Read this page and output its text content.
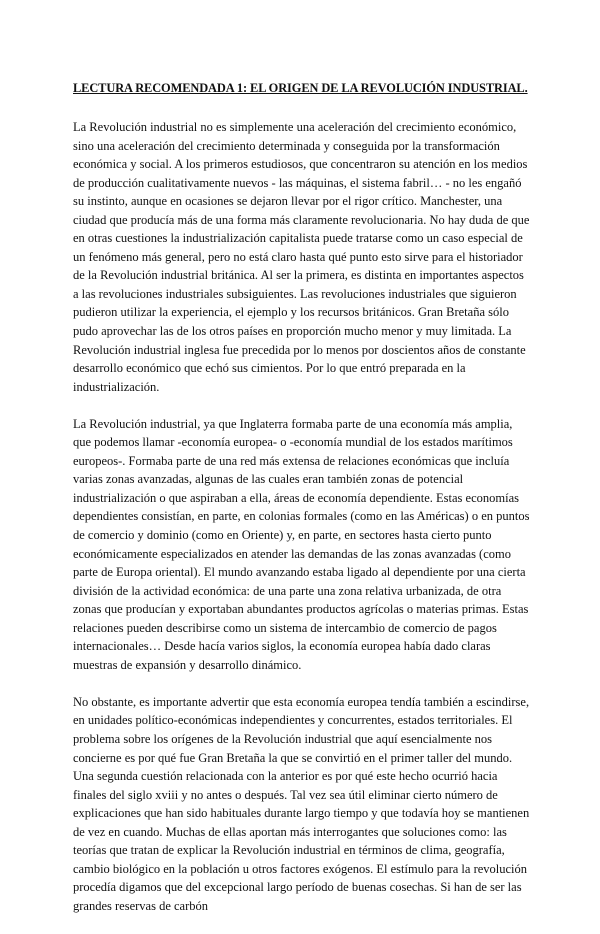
LECTURA RECOMENDADA 1: EL ORIGEN DE LA REVOLUCIÓN INDUSTRIAL.

La Revolución industrial no es simplemente una aceleración del crecimiento económico, sino una aceleración del crecimiento determinada y conseguida por la transformación económica y social. A los primeros estudiosos, que concentraron su atención en los medios de producción cualitativamente nuevos - las máquinas, el sistema fabril… - no les engañó su instinto, aunque en ocasiones se dejaron llevar por el rigor crítico. Manchester, una ciudad que producía más de una forma más claramente revolucionaria. No hay duda de que en otras cuestiones la industrialización capitalista puede tratarse como un caso especial de un fenómeno más general, pero no está claro hasta qué punto esto sirve para el historiador de la Revolución industrial británica. Al ser la primera, es distinta en importantes aspectos a las revoluciones industriales subsiguientes. Las revoluciones industriales que siguieron pudieron utilizar la experiencia, el ejemplo y los recursos británicos. Gran Bretaña sólo pudo aprovechar las de los otros países en proporción mucho menor y muy limitada. La Revolución industrial inglesa fue precedida por lo menos por doscientos años de constante desarrollo económico que echó sus cimientos. Por lo que entró preparada en la industrialización.

La Revolución industrial, ya que Inglaterra formaba parte de una economía más amplia, que podemos llamar -economía europea- o -economía mundial de los estados marítimos europeos-. Formaba parte de una red más extensa de relaciones económicas que incluía varias zonas avanzadas, algunas de las cuales eran también zonas de potencial industrialización o que aspiraban a ella, áreas de economía dependiente. Estas economías dependientes consistían, en parte, en colonias formales (como en las Américas) o en puntos de comercio y dominio (como en Oriente) y, en parte, en sectores hasta cierto punto económicamente especializados en atender las demandas de las zonas avanzadas (como parte de Europa oriental). El mundo avanzando estaba ligado al dependiente por una cierta división de la actividad económica: de una parte una zona relativa urbanizada, de otra zonas que producían y exportaban abundantes productos agrícolas o materias primas. Estas relaciones pueden describirse como un sistema de intercambio de comercio de pagos internacionales… Desde hacía varios siglos, la economía europea había dado claras muestras de expansión y desarrollo dinámico.

No obstante, es importante advertir que esta economía europea tendía también a escindirse, en unidades político-económicas independientes y concurrentes, estados territoriales. El problema sobre los orígenes de la Revolución industrial que aquí esencialmente nos concierne es por qué fue Gran Bretaña la que se convirtió en el primer taller del mundo. Una segunda cuestión relacionada con la anterior es por qué este hecho ocurrió hacia finales del siglo xviii y no antes o después. Tal vez sea útil eliminar cierto número de explicaciones que han sido habituales durante largo tiempo y que todavía hoy se mantienen de vez en cuando. Muchas de ellas aportan más interrogantes que soluciones como: las teorías que tratan de explicar la Revolución industrial en términos de clima, geografía, cambio biológico en la población u otros factores exógenos. El estímulo para la revolución procedía digamos que del excepcional largo período de buenas cosechas. Si han de ser las grandes reservas de carbón
